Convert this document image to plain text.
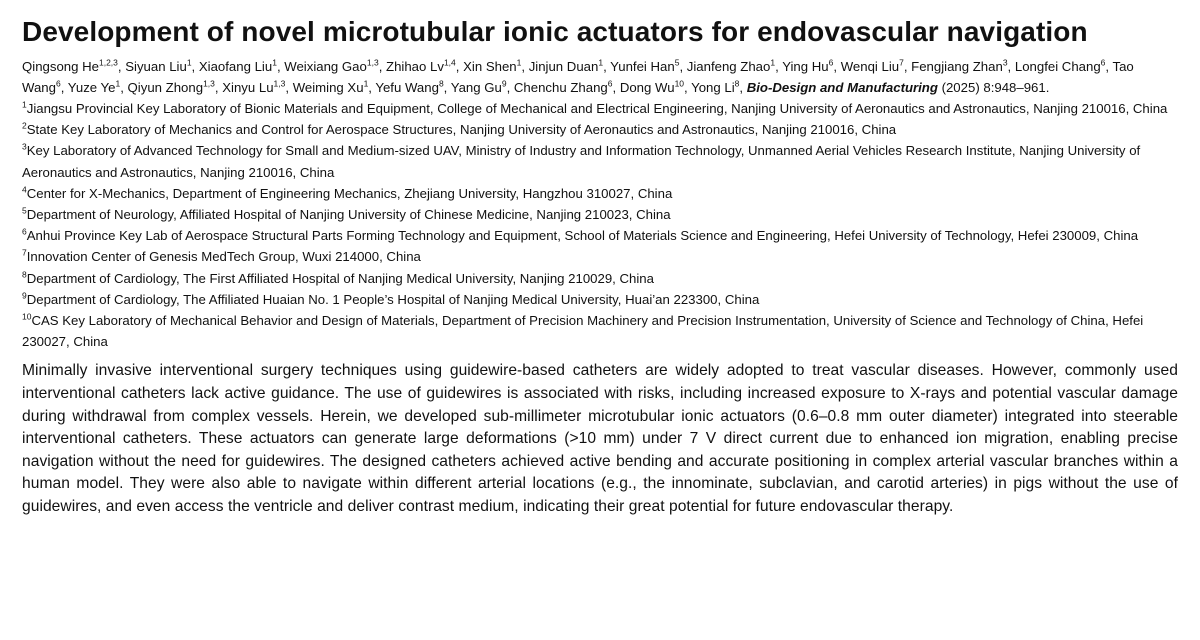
Development of novel microtubular ionic actuators for endovascular navigation
Qingsong He$^{1,2,3}$, Siyuan Liu$^1$, Xiaofang Liu$^1$, Weixiang Gao$^{1,3}$, Zhihao Lv$^{1,4}$, Xin Shen$^1$, Jinjun Duan$^1$, Yunfei Han$^5$, Jianfeng Zhao$^1$, Ying Hu$^6$, Wenqi Liu$^7$, Fengjiang Zhan$^3$, Longfei Chang$^6$, Tao Wang$^6$, Yuze Ye$^1$, Qiyun Zhong$^{1,3}$, Xinyu Lu$^{1,3}$, Weiming Xu$^1$, Yefu Wang$^8$, Yang Gu$^9$, Chenchu Zhang$^6$, Dong Wu$^{10}$, Yong Li$^8$, Bio-Design and Manufacturing (2025) 8:948–961.
$^1$Jiangsu Provincial Key Laboratory of Bionic Materials and Equipment, College of Mechanical and Electrical Engineering, Nanjing University of Aeronautics and Astronautics, Nanjing 210016, China
$^2$State Key Laboratory of Mechanics and Control for Aerospace Structures, Nanjing University of Aeronautics and Astronautics, Nanjing 210016, China
$^3$Key Laboratory of Advanced Technology for Small and Medium-sized UAV, Ministry of Industry and Information Technology, Unmanned Aerial Vehicles Research Institute, Nanjing University of Aeronautics and Astronautics, Nanjing 210016, China
$^4$Center for X-Mechanics, Department of Engineering Mechanics, Zhejiang University, Hangzhou 310027, China
$^5$Department of Neurology, Affiliated Hospital of Nanjing University of Chinese Medicine, Nanjing 210023, China
$^6$Anhui Province Key Lab of Aerospace Structural Parts Forming Technology and Equipment, School of Materials Science and Engineering, Hefei University of Technology, Hefei 230009, China
$^7$Innovation Center of Genesis MedTech Group, Wuxi 214000, China
$^8$Department of Cardiology, The First Affiliated Hospital of Nanjing Medical University, Nanjing 210029, China
$^9$Department of Cardiology, The Affiliated Huaian No. 1 People’s Hospital of Nanjing Medical University, Huai’an 223300, China
$^{10}$CAS Key Laboratory of Mechanical Behavior and Design of Materials, Department of Precision Machinery and Precision Instrumentation, University of Science and Technology of China, Hefei 230027, China
Minimally invasive interventional surgery techniques using guidewire-based catheters are widely adopted to treat vascular diseases. However, commonly used interventional catheters lack active guidance. The use of guidewires is associated with risks, including increased exposure to X-rays and potential vascular damage during withdrawal from complex vessels. Herein, we developed sub-millimeter microtubular ionic actuators (0.6–0.8 mm outer diameter) integrated into steerable interventional catheters. These actuators can generate large deformations (>10 mm) under 7 V direct current due to enhanced ion migration, enabling precise navigation without the need for guidewires. The designed catheters achieved active bending and accurate positioning in complex arterial vascular branches within a human model. They were also able to navigate within different arterial locations (e.g., the innominate, subclavian, and carotid arteries) in pigs without the use of guidewires, and even access the ventricle and deliver contrast medium, indicating their great potential for future endovascular therapy.
